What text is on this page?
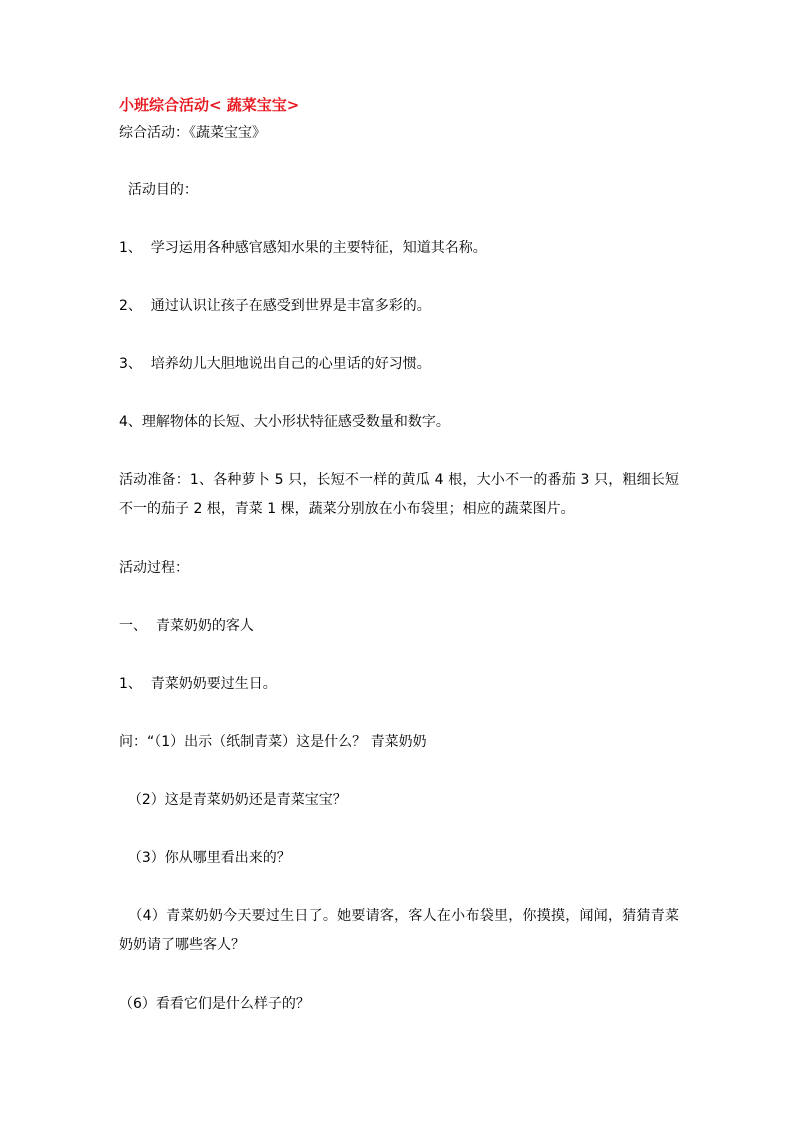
小班综合活动< 蔬菜宝宝>
综合活动：《蔬菜宝宝》
活动目的：
1、  学习运用各种感官感知水果的主要特征，知道其名称。
2、  通过认识让孩子在感受到世界是丰富多彩的。
3、  培养幼儿大胆地说出自己的心里话的好习惯。
4、理解物体的长短、大小形状特征感受数量和数字。
活动准备：1、各种萝卜 5 只，长短不一样的黄瓜 4 根，大小不一的番茄 3 只，粗细长短不一的茄子 2 根，青菜 1 棵，蔬菜分别放在小布袋里；相应的蔬菜图片。
活动过程：
一、  青菜奶奶的客人
1、  青菜奶奶要过生日。
问：“（1）出示（纸制青菜）这是什么？ 青菜奶奶
（2）这是青菜奶奶还是青菜宝宝？
（3）你从哪里看出来的？
（4）青菜奶奶今天要过生日了。她要请客，客人在小布袋里，你摸摸，闻闻，猜猜青菜奶奶请了哪些客人？
（6）看看它们是什么样子的？
